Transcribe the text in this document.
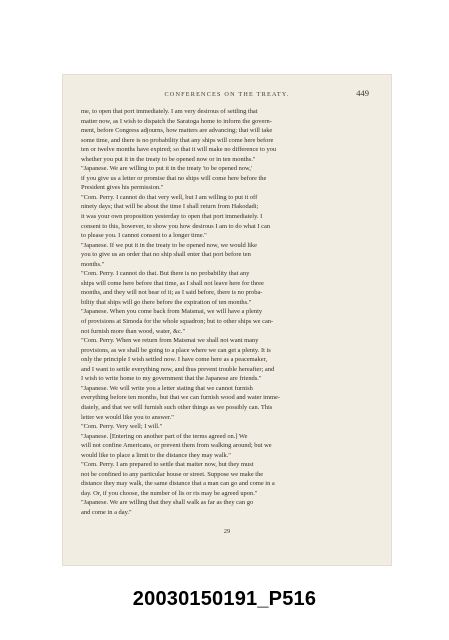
CONFERENCES ON THE TREATY.	449
me, to open that port immediately. I am very desirous of settling that
matter now, as I wish to dispatch the Saratoga home to inform the govern-
ment, before Congress adjourns, how matters are advancing; that will take
some time, and there is no probability that any ships will come here before
ten or twelve months have expired; so that it will make no difference to you
whether you put it in the treaty to be opened now or in ten months."
"Japanese. We are willing to put it in the treaty 'to be opened now,'
if you give us a letter or promise that no ships will come here before the
President gives his permission."
"Com. Perry. I cannot do that very well, but I am willing to put it off
ninety days; that will be about the time I shall return from Hakodadi;
it was your own proposition yesterday to open that port immediately. I
consent to this, however, to show you how desirous I am to do what I can
to please you. I cannot consent to a longer time."
"Japanese. If we put it in the treaty to be opened now, we would like
you to give us an order that no ship shall enter that port before ten
months."
"Com. Perry. I cannot do that. But there is no probability that any
ships will come here before that time, as I shall not leave here for three
months, and they will not hear of it; as I said before, there is no proba-
bility that ships will go there before the expiration of ten months."
"Japanese. When you come back from Matsmai, we will have a plenty
of provisions at Simoda for the whole squadron; but to other ships we can-
not furnish more than wood, water, &c."
"Com. Perry. When we return from Matsmai we shall not want many
provisions, as we shall be going to a place where we can get a plenty. It is
only the principle I wish settled now. I have come here as a peacemaker,
and I want to settle everything now, and thus prevent trouble hereafter; and
I wish to write home to my government that the Japanese are friends."
"Japanese. We will write you a letter stating that we cannot furnish
everything before ten months, but that we can furnish wood and water imme-
diately, and that we will furnish such other things as we possibly can. This
letter we would like you to answer."
"Com. Perry. Very well; I will."
"Japanese. [Entering on another part of the terms agreed on.] We
will not confine Americans, or prevent them from walking around; but we
would like to place a limit to the distance they may walk."
"Com. Perry. I am prepared to settle that matter now, but they must
not be confined to any particular house or street. Suppose we make the
distance they may walk, the same distance that a man can go and come in a
day. Or, if you choose, the number of lis or ris may be agreed upon."
"Japanese. We are willing that they shall walk as far as they can go
and come in a day."
29
20030150191_P516
